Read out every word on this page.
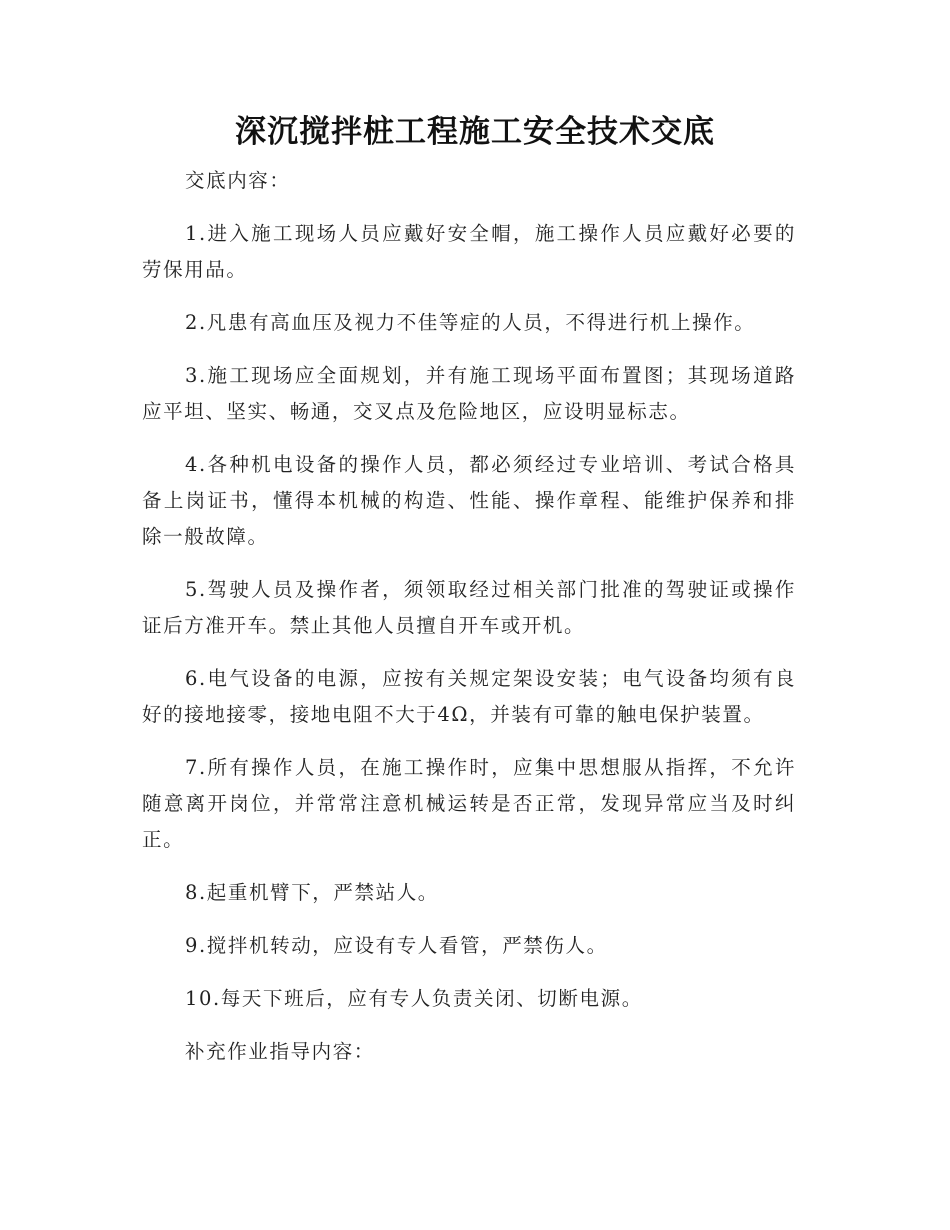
深沉搅拌桩工程施工安全技术交底

交底内容：

1.进入施工现场人员应戴好安全帽，施工操作人员应戴好必要的劳保用品。

2.凡患有高血压及视力不佳等症的人员，不得进行机上操作。

3.施工现场应全面规划，并有施工现场平面布置图；其现场道路应平坦、坚实、畅通，交叉点及危险地区，应设明显标志。

4.各种机电设备的操作人员，都必须经过专业培训、考试合格具备上岗证书，懂得本机械的构造、性能、操作章程、能维护保养和排除一般故障。

5.驾驶人员及操作者，须领取经过相关部门批准的驾驶证或操作证后方准开车。禁止其他人员擅自开车或开机。

6.电气设备的电源，应按有关规定架设安装；电气设备均须有良好的接地接零，接地电阻不大于4Ω，并装有可靠的触电保护装置。

7.所有操作人员，在施工操作时，应集中思想服从指挥，不允许随意离开岗位，并常常注意机械运转是否正常，发现异常应当及时纠正。

8.起重机臂下，严禁站人。

9.搅拌机转动，应设有专人看管，严禁伤人。

10.每天下班后，应有专人负责关闭、切断电源。

补充作业指导内容：
